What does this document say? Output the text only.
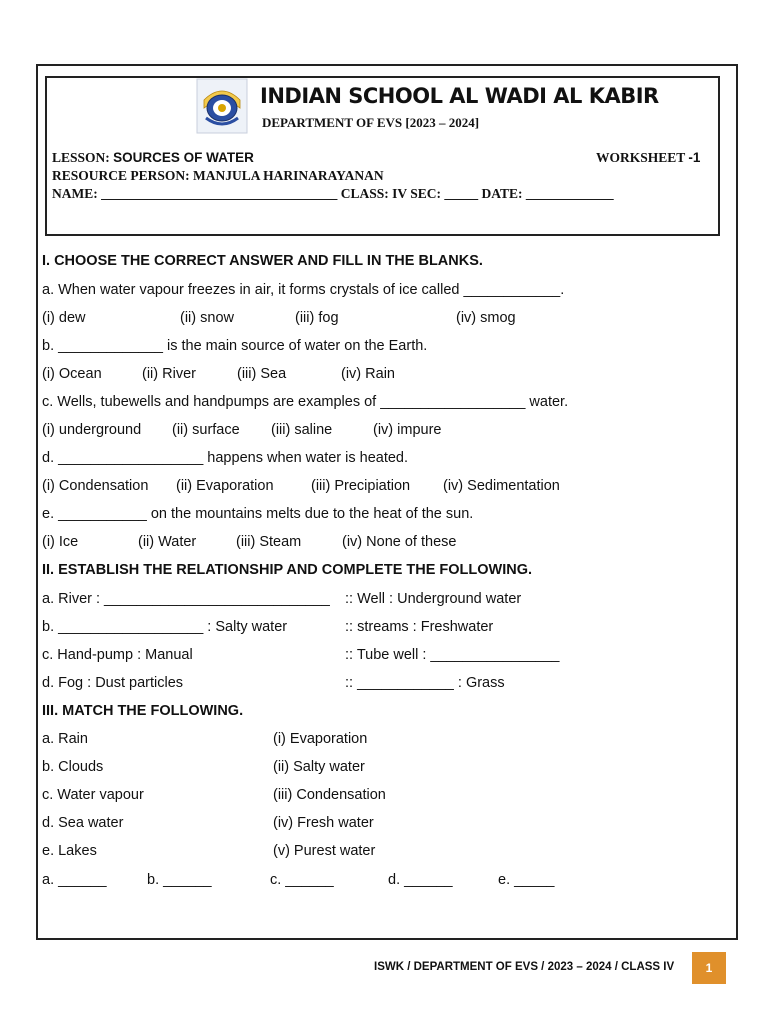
INDIAN SCHOOL AL WADI AL KABIR
DEPARTMENT OF EVS [2023 – 2024]
LESSON: SOURCES OF WATER	WORKSHEET -1
RESOURCE PERSON: MANJULA HARINARAYANAN
NAME: ___________________________________ CLASS: IV SEC: _____ DATE: _____________
I. CHOOSE THE CORRECT ANSWER AND FILL IN THE BLANKS.
a. When water vapour freezes in air, it forms crystals of ice called ____________.
(i) dew	(ii) snow	(iii) fog	(iv) smog
b. _____________ is the main source of water on the Earth.
(i) Ocean	(ii) River	(iii) Sea	(iv) Rain
c. Wells, tubewells and handpumps are examples of __________________ water.
(i) underground (ii) surface (iii) saline	(iv) impure
d. __________________ happens when water is heated.
(i) Condensation (ii) Evaporation	(iii) Precipiation (iv) Sedimentation
e. ___________ on the mountains melts due to the heat of the sun.
(i) Ice	(ii) Water	(iii) Steam	(iv) None of these
II. ESTABLISH THE RELATIONSHIP AND COMPLETE THE FOLLOWING.
a. River : ____________________________ :: Well : Underground water
b. __________________ : Salty water	:: streams : Freshwater
c. Hand-pump : Manual	:: Tube well : ________________
d. Fog : Dust particles	:: ____________ : Grass
III. MATCH THE FOLLOWING.
a. Rain	(i) Evaporation
b. Clouds	(ii) Salty water
c. Water vapour	(iii) Condensation
d. Sea water	(iv) Fresh water
e. Lakes	(v) Purest water
a. ______	b. ______	c. ______	d. ______	e. _____
ISWK / DEPARTMENT OF EVS / 2023 – 2024 / CLASS IV	1
